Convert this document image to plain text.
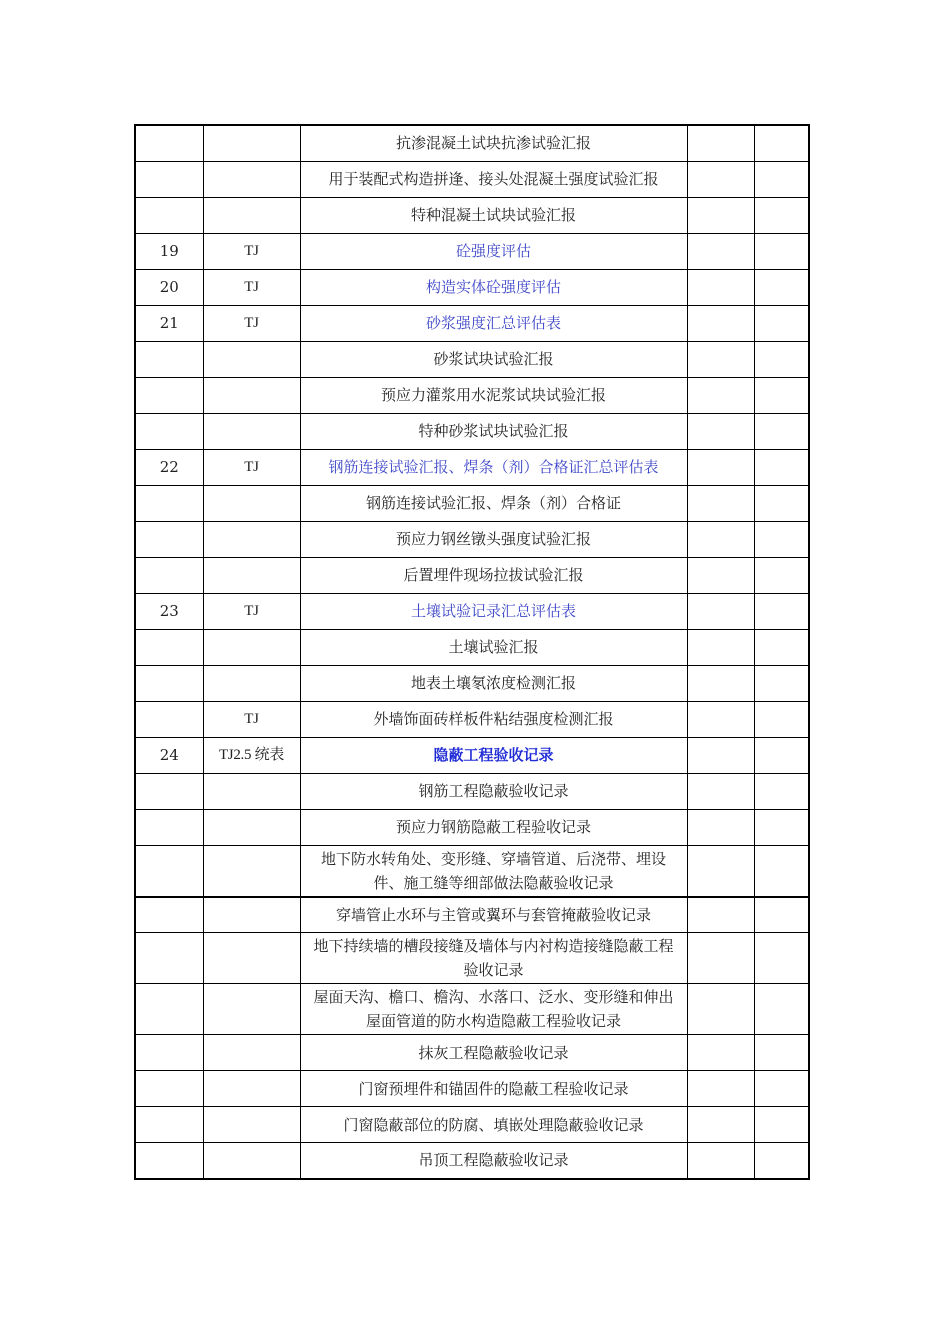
		抗渗混凝土试块抗渗试验汇报		
		用于装配式构造拼逢、接头处混凝土强度试验汇报		
		特种混凝土试块试验汇报		
19	TJ	砼强度评估		
20	TJ	构造实体砼强度评估		
21	TJ	砂浆强度汇总评估表		
		砂浆试块试验汇报		
		预应力灌浆用水泥浆试块试验汇报		
		特种砂浆试块试验汇报		
22	TJ	钢筋连接试验汇报、焊条（剂）合格证汇总评估表		
		钢筋连接试验汇报、焊条（剂）合格证		
		预应力钢丝镦头强度试验汇报		
		后置埋件现场拉拔试验汇报		
23	TJ	土壤试验记录汇总评估表		
		土壤试验汇报		
		地表土壤氡浓度检测汇报		
	TJ	外墙饰面砖样板件粘结强度检测汇报		
24	TJ2.5 统表	隐蔽工程验收记录		
		钢筋工程隐蔽验收记录		
		预应力钢筋隐蔽工程验收记录		
		地下防水转角处、变形缝、穿墙管道、后浇带、埋设件、施工缝等细部做法隐蔽验收记录		
		穿墙管止水环与主管或翼环与套管掩蔽验收记录		
		地下持续墙的槽段接缝及墙体与内衬构造接缝隐蔽工程验收记录		
		屋面天沟、檐口、檐沟、水落口、泛水、变形缝和伸出屋面管道的防水构造隐蔽工程验收记录		
		抹灰工程隐蔽验收记录		
		门窗预埋件和锚固件的隐蔽工程验收记录		
		门窗隐蔽部位的防腐、填嵌处理隐蔽验收记录		
		吊顶工程隐蔽验收记录		
